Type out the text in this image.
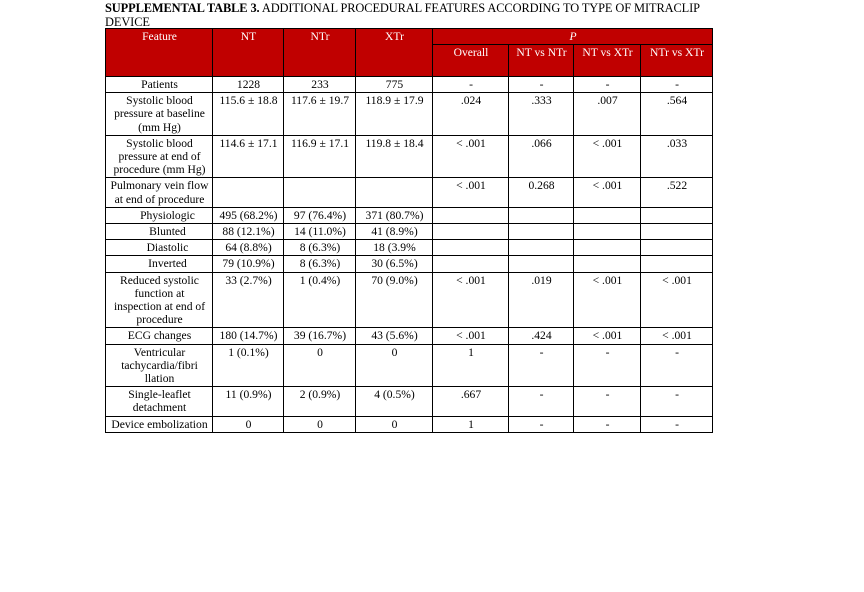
SUPPLEMENTAL TABLE 3. ADDITIONAL PROCEDURAL FEATURES ACCORDING TO TYPE OF MITRACLIP DEVICE
Feature	NT	NTr	XTr	P			
				Overall	NT vs NTr	NT vs XTr	NTr vs XTr
Patients	1228	233	775	-	-	-	-
Systolic blood pressure at baseline (mm Hg)	115.6 ± 18.8	117.6 ± 19.7	118.9 ± 17.9	.024	.333	.007	.564
Systolic blood pressure at end of procedure (mm Hg)	114.6 ± 17.1	116.9 ± 17.1	119.8 ± 18.4	< .001	.066	< .001	.033
Pulmonary vein flow at end of procedure				< .001	0.268	< .001	.522
Physiologic	495 (68.2%)	97 (76.4%)	371 (80.7%)				
Blunted	88 (12.1%)	14 (11.0%)	41 (8.9%)				
Diastolic	64 (8.8%)	8 (6.3%)	18 (3.9%				
Inverted	79 (10.9%)	8 (6.3%)	30 (6.5%)				
Reduced systolic function at inspection at end of procedure	33 (2.7%)	1 (0.4%)	70 (9.0%)	< .001	.019	< .001	< .001
ECG changes	180 (14.7%)	39 (16.7%)	43 (5.6%)	< .001	.424	< .001	< .001
Ventricular tachycardia/fibri llation	1 (0.1%)	0	0	1	-	-	-
Single-leaflet detachment	11 (0.9%)	2 (0.9%)	4 (0.5%)	.667	-	-	-
Device embolization	0	0	0	1	-	-	-
